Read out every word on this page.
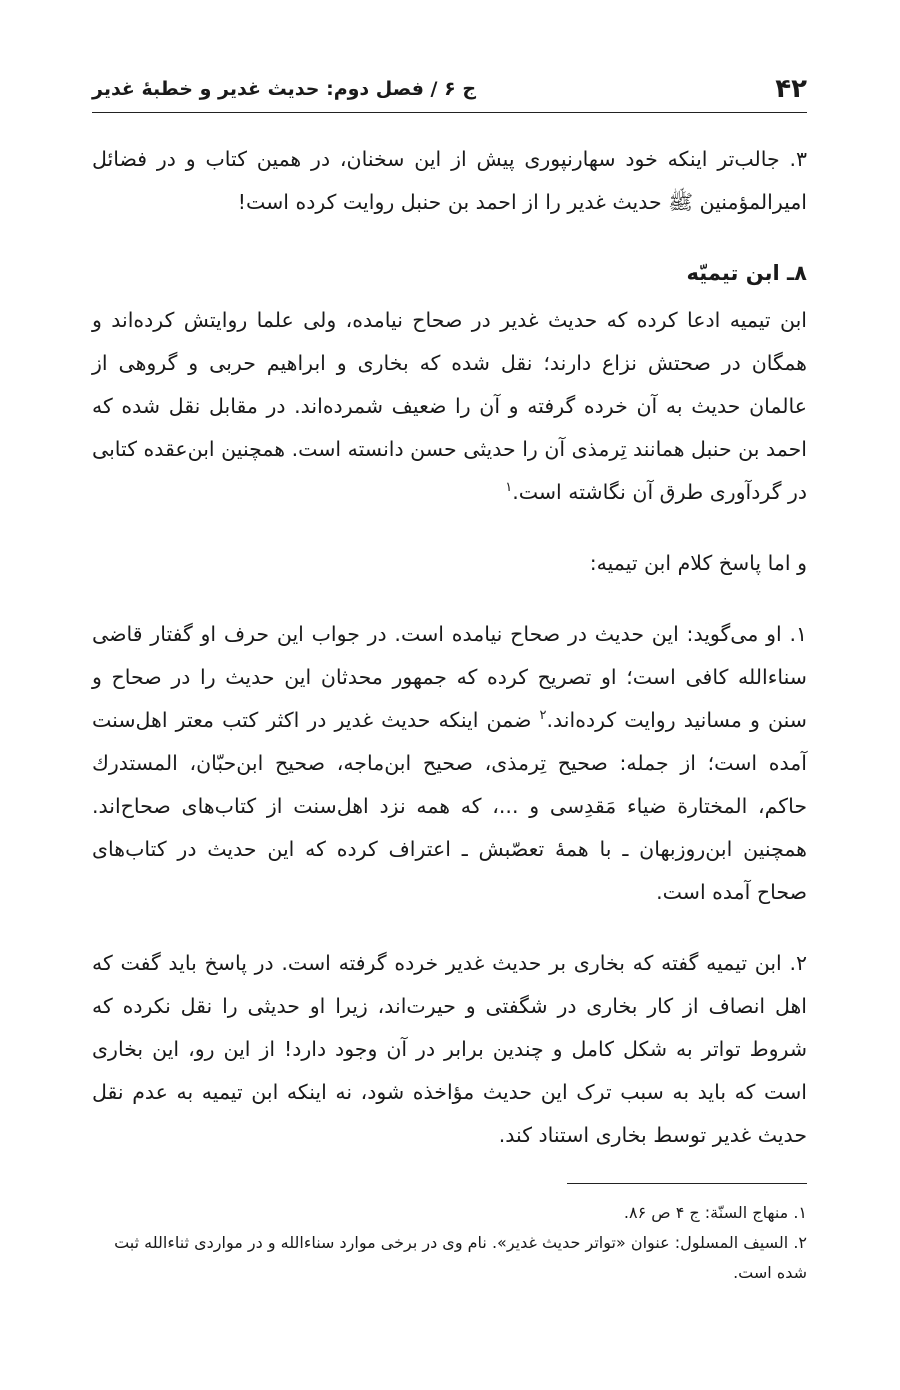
۴۲
ج ۶ / فصل دوم: حدیث غدیر و خطبۀ غدیر

۳. جالب‌تر اینکه خود سهارنپوری پیش از این سخنان، در همین کتاب و در فضائل امیرالمؤمنین ﷺ حدیث غدیر را از احمد بن حنبل روایت کرده است!

۸ـ ابن تیمیّه

ابن تیمیه ادعا کرده که حدیث غدیر در صحاح نیامده، ولی علما روایتش کرده‌اند و همگان در صحتش نزاع دارند؛ نقل شده که بخاری و ابراهیم حربی و گروهی از عالمان حدیث به آن خرده گرفته و آن را ضعیف شمرده‌اند. در مقابل نقل شده که احمد بن حنبل همانند تِرمذی آن را حدیثی حسن دانسته است. همچنین ابن‌عقده کتابی در گردآوری طرق آن نگاشته است.$^۱$

و اما پاسخ کلام ابن تیمیه:

۱. او می‌گوید: این حدیث در صحاح نیامده است. در جواب این حرف او گفتار قاضی سناءالله کافی است؛ او تصریح کرده که جمهور محدثان این حدیث را در صحاح و سنن و مسانید روایت کرده‌اند.$^۲$ ضمن اینکه حدیث غدیر در اکثر کتب معتر اهل‌سنت آمده است؛ از جمله: صحیح تِرمذی، صحیح ابن‌ماجه، صحیح ابن‌حبّان، المستدرك حاکم، المختارة ضیاء مَقدِسی و ...، که همه نزد اهل‌سنت از کتاب‌های صحاح‌اند. همچنین ابن‌روزبهان ـ با همۀ تعصّبش ـ اعتراف کرده که این حدیث در کتاب‌های صحاح آمده است.

۲. ابن تیمیه گفته که بخاری بر حدیث غدیر خرده گرفته است. در پاسخ باید گفت که اهل انصاف از کار بخاری در شگفتی و حیرت‌اند، زیرا او حدیثی را نقل نکرده که شروط تواتر به شکل کامل و چندین برابر در آن وجود دارد! از این رو، این بخاری است که باید به سبب ترک این حدیث مؤاخذه شود، نه اینکه ابن تیمیه به عدم نقل حدیث غدیر توسط بخاری استناد کند.

۱. منهاج السنّة: ج ۴ ص ۸۶.
۲. السیف المسلول: عنوان «تواتر حدیث غدیر». نام وی در برخی موارد سناءالله و در مواردی ثناءالله ثبت شده است.
